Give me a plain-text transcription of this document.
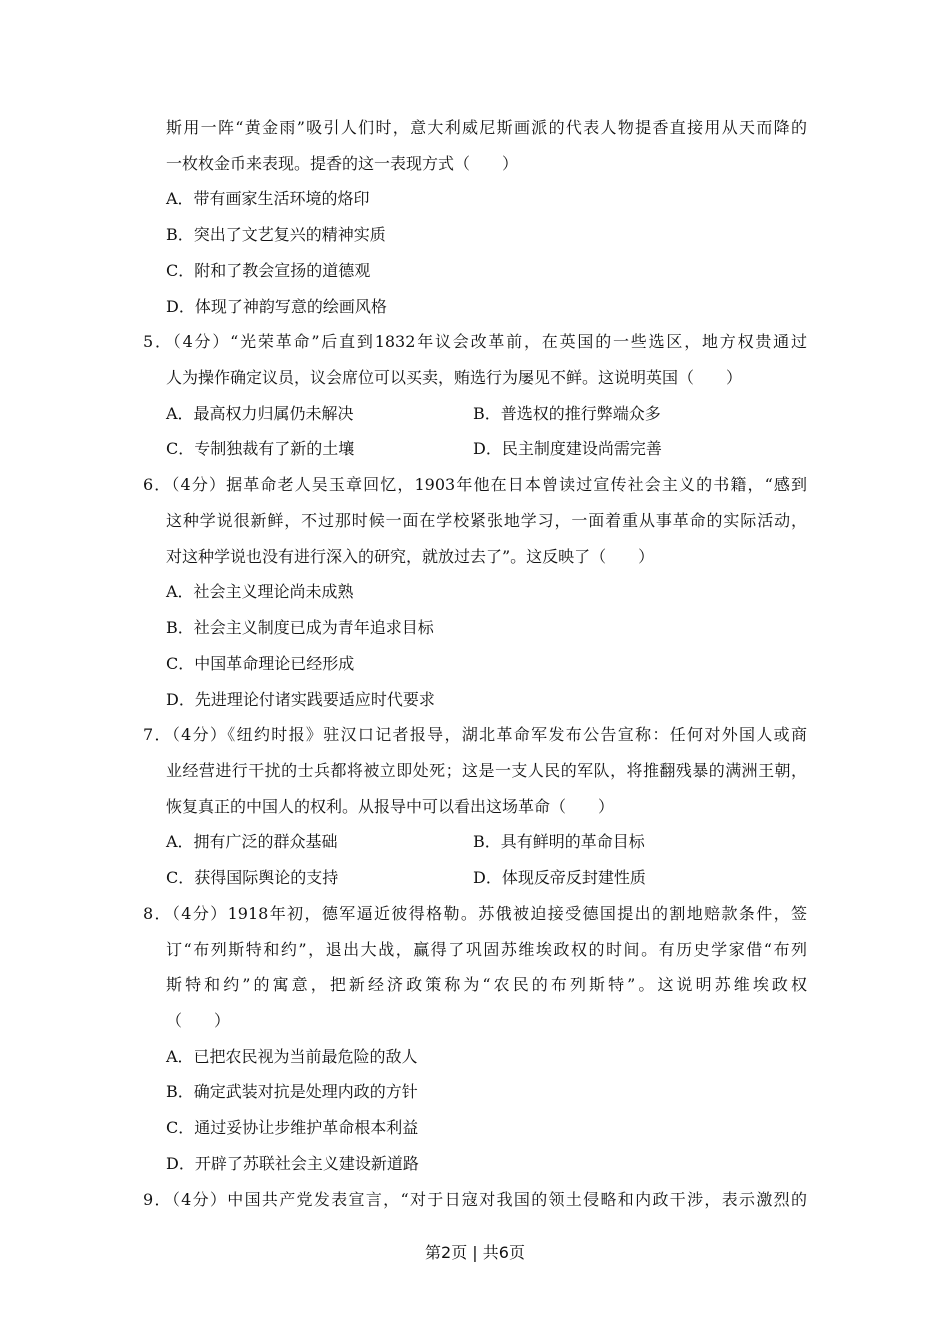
斯用一阵“黄金雨”吸引人们时，意大利威尼斯画派的代表人物提香直接用从天而降的
一枚枚金币来表现。提香的这一表现方式（　　）
A．带有画家生活环境的烙印
B．突出了文艺复兴的精神实质
C．附和了教会宣扬的道德观
D．体现了神韵写意的绘画风格
5．（4分）“光荣革命”后直到1832年议会改革前，在英国的一些选区，地方权贵通过
人为操作确定议员，议会席位可以买卖，贿选行为屡见不鲜。这说明英国（　　）
A．最高权力归属仍未解决	B．普选权的推行弊端众多
C．专制独裁有了新的土壤	D．民主制度建设尚需完善
6．（4分）据革命老人吴玉章回忆，1903年他在日本曾读过宣传社会主义的书籍，“感到
这种学说很新鲜，不过那时候一面在学校紧张地学习，一面着重从事革命的实际活动，
对这种学说也没有进行深入的研究，就放过去了”。这反映了（　　）
A．社会主义理论尚未成熟
B．社会主义制度已成为青年追求目标
C．中国革命理论已经形成
D．先进理论付诸实践要适应时代要求
7．（4分）《纽约时报》驻汉口记者报导，湖北革命军发布公告宣称：任何对外国人或商
业经营进行干扰的士兵都将被立即处死；这是一支人民的军队，将推翻残暴的满洲王朝，
恢复真正的中国人的权利。从报导中可以看出这场革命（　　）
A．拥有广泛的群众基础	B．具有鲜明的革命目标
C．获得国际舆论的支持	D．体现反帝反封建性质
8．（4分）1918年初，德军逼近彼得格勒。苏俄被迫接受德国提出的割地赔款条件，签
订“布列斯特和约”，退出大战，赢得了巩固苏维埃政权的时间。有历史学家借“布列
斯特和约”的寓意，把新经济政策称为“农民的布列斯特”。这说明苏维埃政权
（　　）
A．已把农民视为当前最危险的敌人
B．确定武装对抗是处理内政的方针
C．通过妥协让步维护革命根本利益
D．开辟了苏联社会主义建设新道路
9．（4分）中国共产党发表宣言，“对于日寇对我国的领土侵略和内政干涉，表示激烈的
第2页 | 共6页
